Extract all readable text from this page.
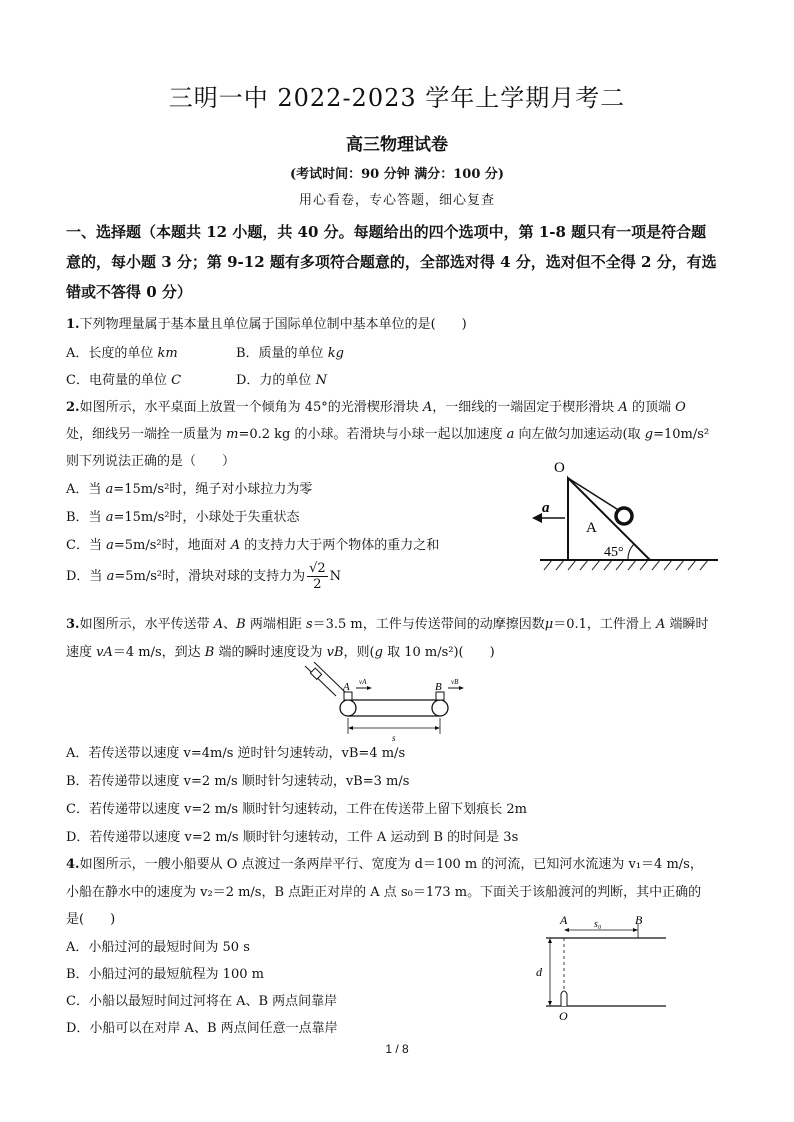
三明一中 2022-2023 学年上学期月考二
高三物理试卷
(考试时间：90 分钟 满分：100 分)
用心看卷，专心答题，细心复查
一、选择题（本题共 12 小题，共 40 分。每题给出的四个选项中，第 1-8 题只有一项是符合题
意的，每小题 3 分；第 9-12 题有多项符合题意的，全部选对得 4 分，选对但不全得 2 分，有选
错或不答得 0 分）
1.下列物理量属于基本量且单位属于国际单位制中基本单位的是(　　)
A．长度的单位 km	B．质量的单位 kg
C．电荷量的单位 C	D．力的单位 N
2.如图所示，水平桌面上放置一个倾角为 45°的光滑楔形滑块 A，一细线的一端固定于楔形滑块 A 的顶端 O
处，细线另一端拴一质量为 m=0.2 kg 的小球。若滑块与小球一起以加速度 a 向左做匀加速运动(取 g=10m/s²
则下列说法正确的是（　　）
A．当 a=15m/s²时，绳子对小球拉力为零
B．当 a=15m/s²时，小球处于失重状态
C．当 a=5m/s²时，地面对 A 的支持力大于两个物体的重力之和
D．当 a=5m/s²时，滑块对球的支持力为 $\frac{√2}{2}$ N
O
a
A
45°
3.如图所示，水平传送带 A、B 两端相距 s＝3.5 m，工件与传送带间的动摩擦因数μ＝0.1，工件滑上 A 端瞬时
速度 vA＝4 m/s，到达 B 端的瞬时速度设为 vB，则(g 取 10 m/s²)(　　)
A	B
vA	vB
s
A．若传送带以速度 v=4m/s 逆时针匀速转动，vB=4 m/s
B．若传递带以速度 v=2 m/s 顺时针匀速转动，vB=3 m/s
C．若传递带以速度 v=2 m/s 顺时针匀速转动，工件在传送带上留下划痕长 2m
D．若传递带以速度 v=2 m/s 顺时针匀速转动，工件 A 运动到 B 的时间是 3s
4.如图所示，一艘小船要从 O 点渡过一条两岸平行、宽度为 d＝100 m 的河流，已知河水流速为 v₁＝4 m/s，
小船在静水中的速度为 v₂＝2 m/s，B 点距正对岸的 A 点 s₀＝173 m。下面关于该船渡河的判断，其中正确的
是(　　)
A．小船过河的最短时间为 50 s
B．小船过河的最短航程为 100 m
C．小船以最短时间过河将在 A、B 两点间靠岸
D．小船可以在对岸 A、B 两点间任意一点靠岸
A	B
s₀
d
O
1 / 8
